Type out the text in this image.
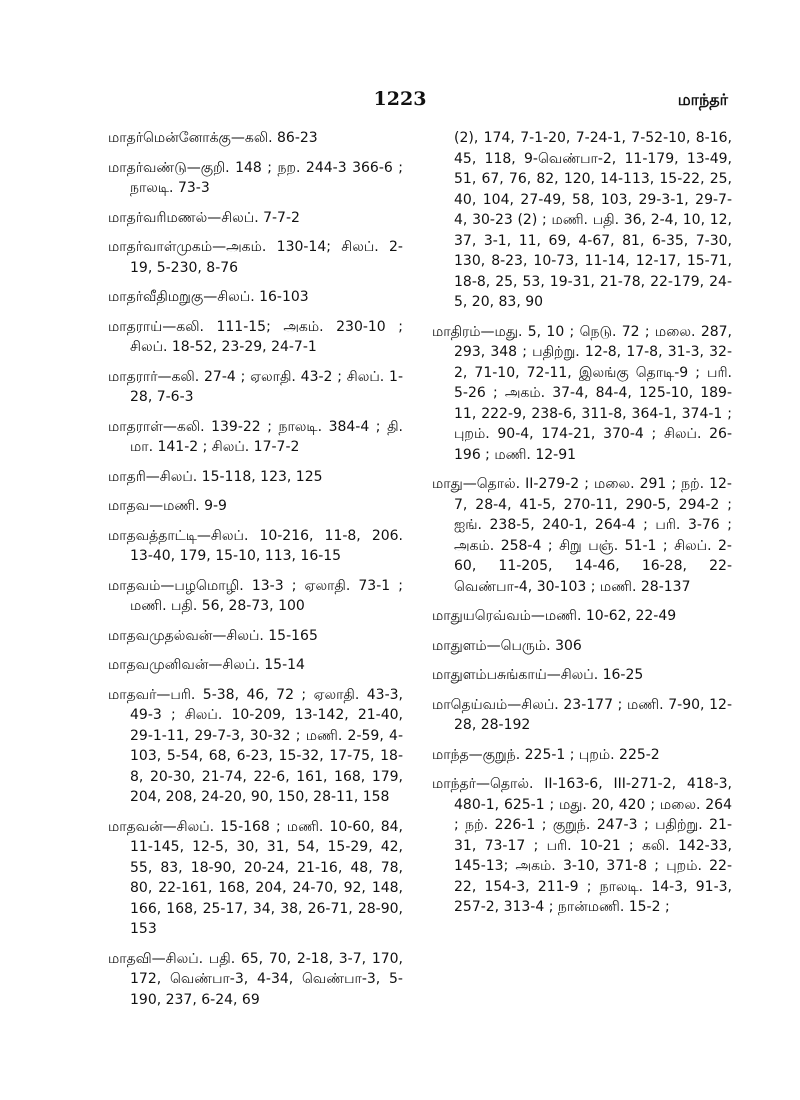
1223	மாந்தர்

மாதர்மென்னோக்கு—கலி. 86-23

மாதர்வண்டு—குறி. 148 ; நற. 244-3 366-6 ; நாலடி. 73-3

மாதர்வரிமணல்—சிலப். 7-7-2

மாதர்வாள்முகம்—அகம். 130-14; சிலப். 2-19, 5-230, 8-76

மாதர்வீதிமறுகு—சிலப். 16-103

மாதராய்—கலி. 111-15; அகம். 230-10 ; சிலப். 18-52, 23-29, 24-7-1

மாதரார்—கலி. 27-4 ; ஏலாதி. 43-2 ; சிலப். 1-28, 7-6-3

மாதராள்—கலி. 139-22 ; நாலடி. 384-4 ; தி. மா. 141-2 ; சிலப். 17-7-2

மாதரி—சிலப். 15-118, 123, 125

மாதவ—மணி. 9-9

மாதவத்தாட்டி—சிலப். 10-216, 11-8, 206. 13-40, 179, 15-10, 113, 16-15

மாதவம்—பழமொழி. 13-3 ; ஏலாதி. 73-1 ; மணி. பதி. 56, 28-73, 100

மாதவமுதல்வன்—சிலப். 15-165

மாதவமுனிவன்—சிலப். 15-14

மாதவர்—பரி. 5-38, 46, 72 ; ஏலாதி. 43-3, 49-3 ; சிலப். 10-209, 13-142, 21-40, 29-1-11, 29-7-3, 30-32 ; மணி. 2-59, 4-103, 5-54, 68, 6-23, 15-32, 17-75, 18-8, 20-30, 21-74, 22-6, 161, 168, 179, 204, 208, 24-20, 90, 150, 28-11, 158

மாதவன்—சிலப். 15-168 ; மணி. 10-60, 84, 11-145, 12-5, 30, 31, 54, 15-29, 42, 55, 83, 18-90, 20-24, 21-16, 48, 78, 80, 22-161, 168, 204, 24-70, 92, 148, 166, 168, 25-17, 34, 38, 26-71, 28-90, 153

மாதவி—சிலப். பதி. 65, 70, 2-18, 3-7, 170, 172, வெண்பா-3, 4-34, வெண்பா-3, 5-190, 237, 6-24, 69

(2), 174, 7-1-20, 7-24-1, 7-52-10, 8-16, 45, 118, 9-வெண்பா-2, 11-179, 13-49, 51, 67, 76, 82, 120, 14-113, 15-22, 25, 40, 104, 27-49, 58, 103, 29-3-1, 29-7-4, 30-23 (2) ; மணி. பதி. 36, 2-4, 10, 12, 37, 3-1, 11, 69, 4-67, 81, 6-35, 7-30, 130, 8-23, 10-73, 11-14, 12-17, 15-71, 18-8, 25, 53, 19-31, 21-78, 22-179, 24-5, 20, 83, 90

மாதிரம்—மது. 5, 10 ; நெடு. 72 ; மலை. 287, 293, 348 ; பதிற்று. 12-8, 17-8, 31-3, 32-2, 71-10, 72-11, இலங்கு தொடி-9 ; பரி. 5-26 ; அகம். 37-4, 84-4, 125-10, 189-11, 222-9, 238-6, 311-8, 364-1, 374-1 ; புறம். 90-4, 174-21, 370-4 ; சிலப். 26-196 ; மணி. 12-91

மாது—தொல். II-279-2 ; மலை. 291 ; நற். 12-7, 28-4, 41-5, 270-11, 290-5, 294-2 ; ஐங். 238-5, 240-1, 264-4 ; பரி. 3-76 ; அகம். 258-4 ; சிறு பஞ். 51-1 ; சிலப். 2-60, 11-205, 14-46, 16-28, 22-வெண்பா-4, 30-103 ; மணி. 28-137

மாதுயரெவ்வம்—மணி. 10-62, 22-49

மாதுளம்—பெரும். 306

மாதுளம்பசுங்காய்—சிலப். 16-25

மாதெய்வம்—சிலப். 23-177 ; மணி. 7-90, 12-28, 28-192

மாந்த—குறுந். 225-1 ; புறம். 225-2

மாந்தர்—தொல். II-163-6, III-271-2, 418-3, 480-1, 625-1 ; மது. 20, 420 ; மலை. 264 ; நற். 226-1 ; குறுந். 247-3 ; பதிற்று. 21-31, 73-17 ; பரி. 10-21 ; கலி. 142-33, 145-13; அகம். 3-10, 371-8 ; புறம். 22-22, 154-3, 211-9 ; நாலடி. 14-3, 91-3, 257-2, 313-4 ; நான்மணி. 15-2 ;
